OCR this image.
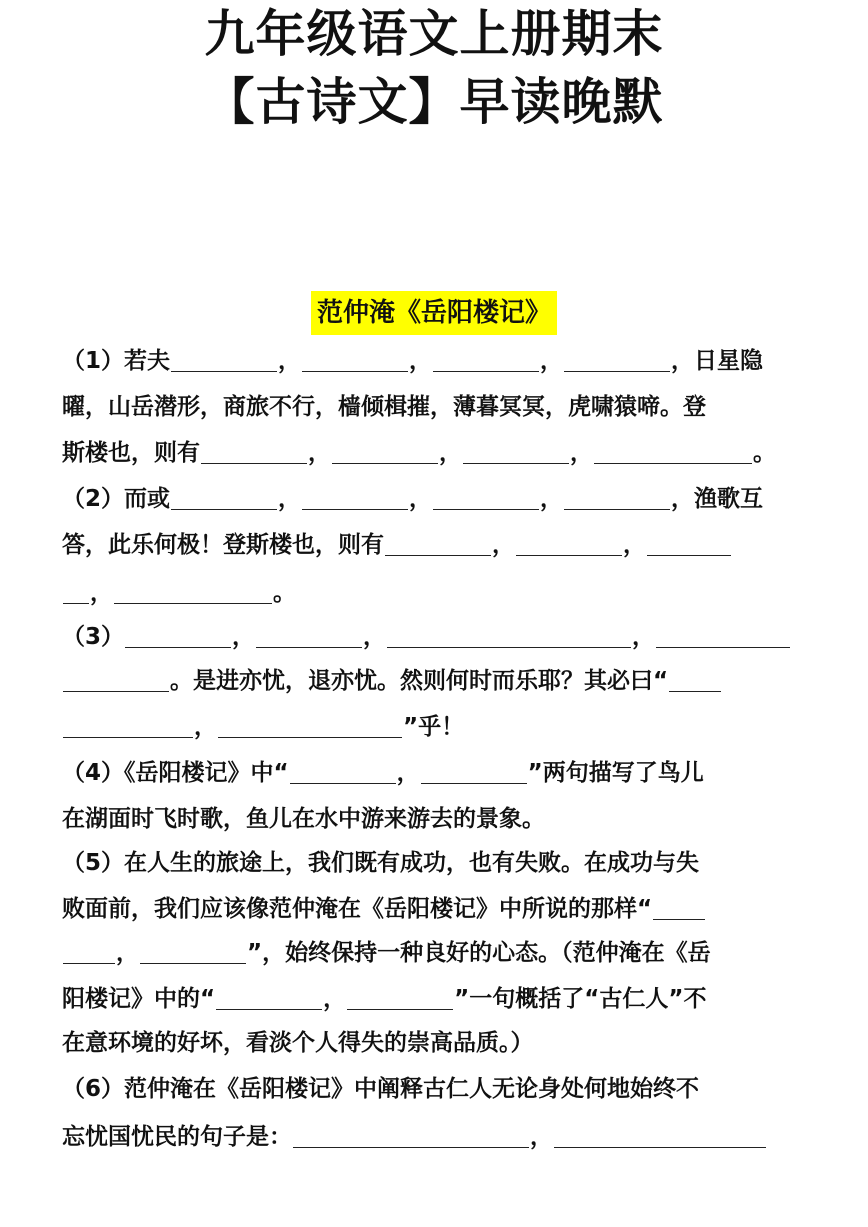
九年级语文上册期末
【古诗文】早读晚默
范仲淹《岳阳楼记》
（1）若夫	，	，	，	，日星隐
曜，山岳潜形，商旅不行，樯倾楫摧，薄暮冥冥，虎啸猿啼。登
斯楼也，则有	，	，	，	。
（2）而或	，	，	，	，渔歌互
答，此乐何极！登斯楼也，则有	，	，
，	。
（3）	，	，	，
。是进亦忧，退亦忧。然则何时而乐耶？其必曰“
，	”乎！
（4）《岳阳楼记》中“	，	”两句描写了鸟儿
在湖面时飞时歌，鱼儿在水中游来游去的景象。
（5）在人生的旅途上，我们既有成功，也有失败。在成功与失
败面前，我们应该像范仲淹在《岳阳楼记》中所说的那样“
，	”，始终保持一种良好的心态。（范仲淹在《岳
阳楼记》中的“	，	”一句概括了“古仁人”不
在意环境的好坏，看淡个人得失的崇高品质。）
（6）范仲淹在《岳阳楼记》中阐释古仁人无论身处何地始终不
忘忧国忧民的句子是：	，
